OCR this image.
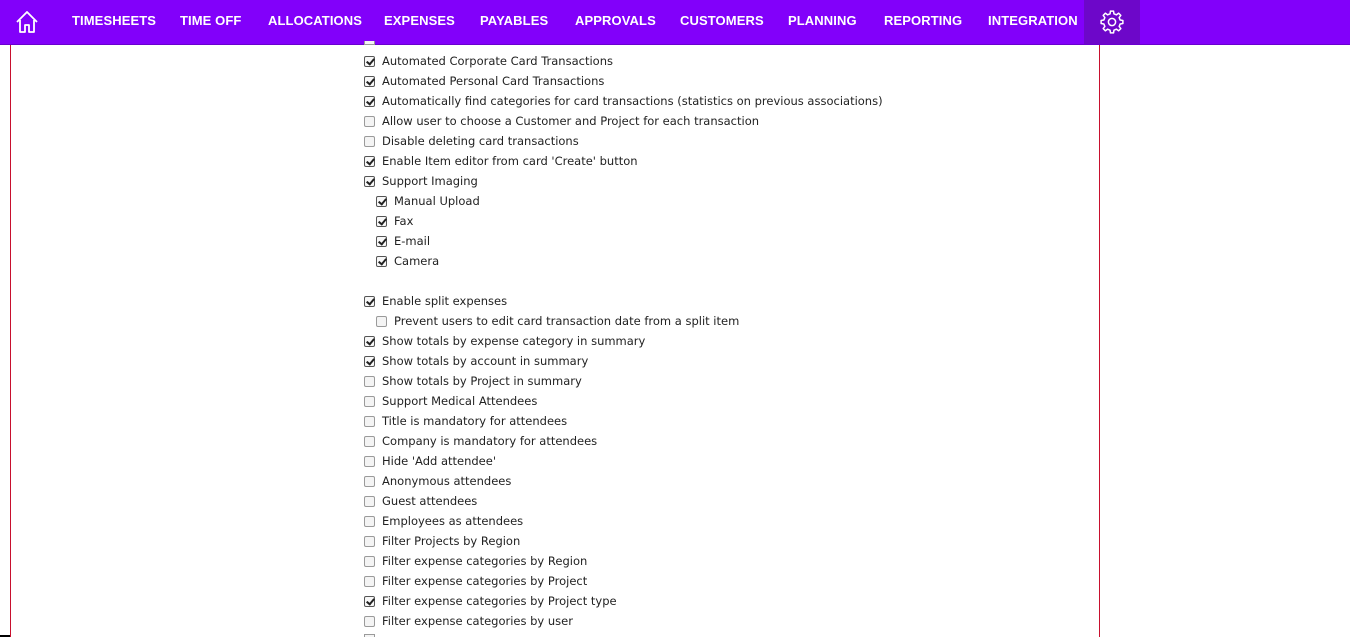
TIMESHEETS TIME OFF ALLOCATIONS EXPENSES PAYABLES APPROVALS CUSTOMERS PLANNING REPORTING INTEGRATION
Automated Corporate Card Transactions
Automated Personal Card Transactions
Automatically find categories for card transactions (statistics on previous associations)
Allow user to choose a Customer and Project for each transaction
Disable deleting card transactions
Enable Item editor from card 'Create' button
Support Imaging
Manual Upload
Fax
E-mail
Camera
Enable split expenses
Prevent users to edit card transaction date from a split item
Show totals by expense category in summary
Show totals by account in summary
Show totals by Project in summary
Support Medical Attendees
Title is mandatory for attendees
Company is mandatory for attendees
Hide 'Add attendee'
Anonymous attendees
Guest attendees
Employees as attendees
Filter Projects by Region
Filter expense categories by Region
Filter expense categories by Project
Filter expense categories by Project type
Filter expense categories by user
